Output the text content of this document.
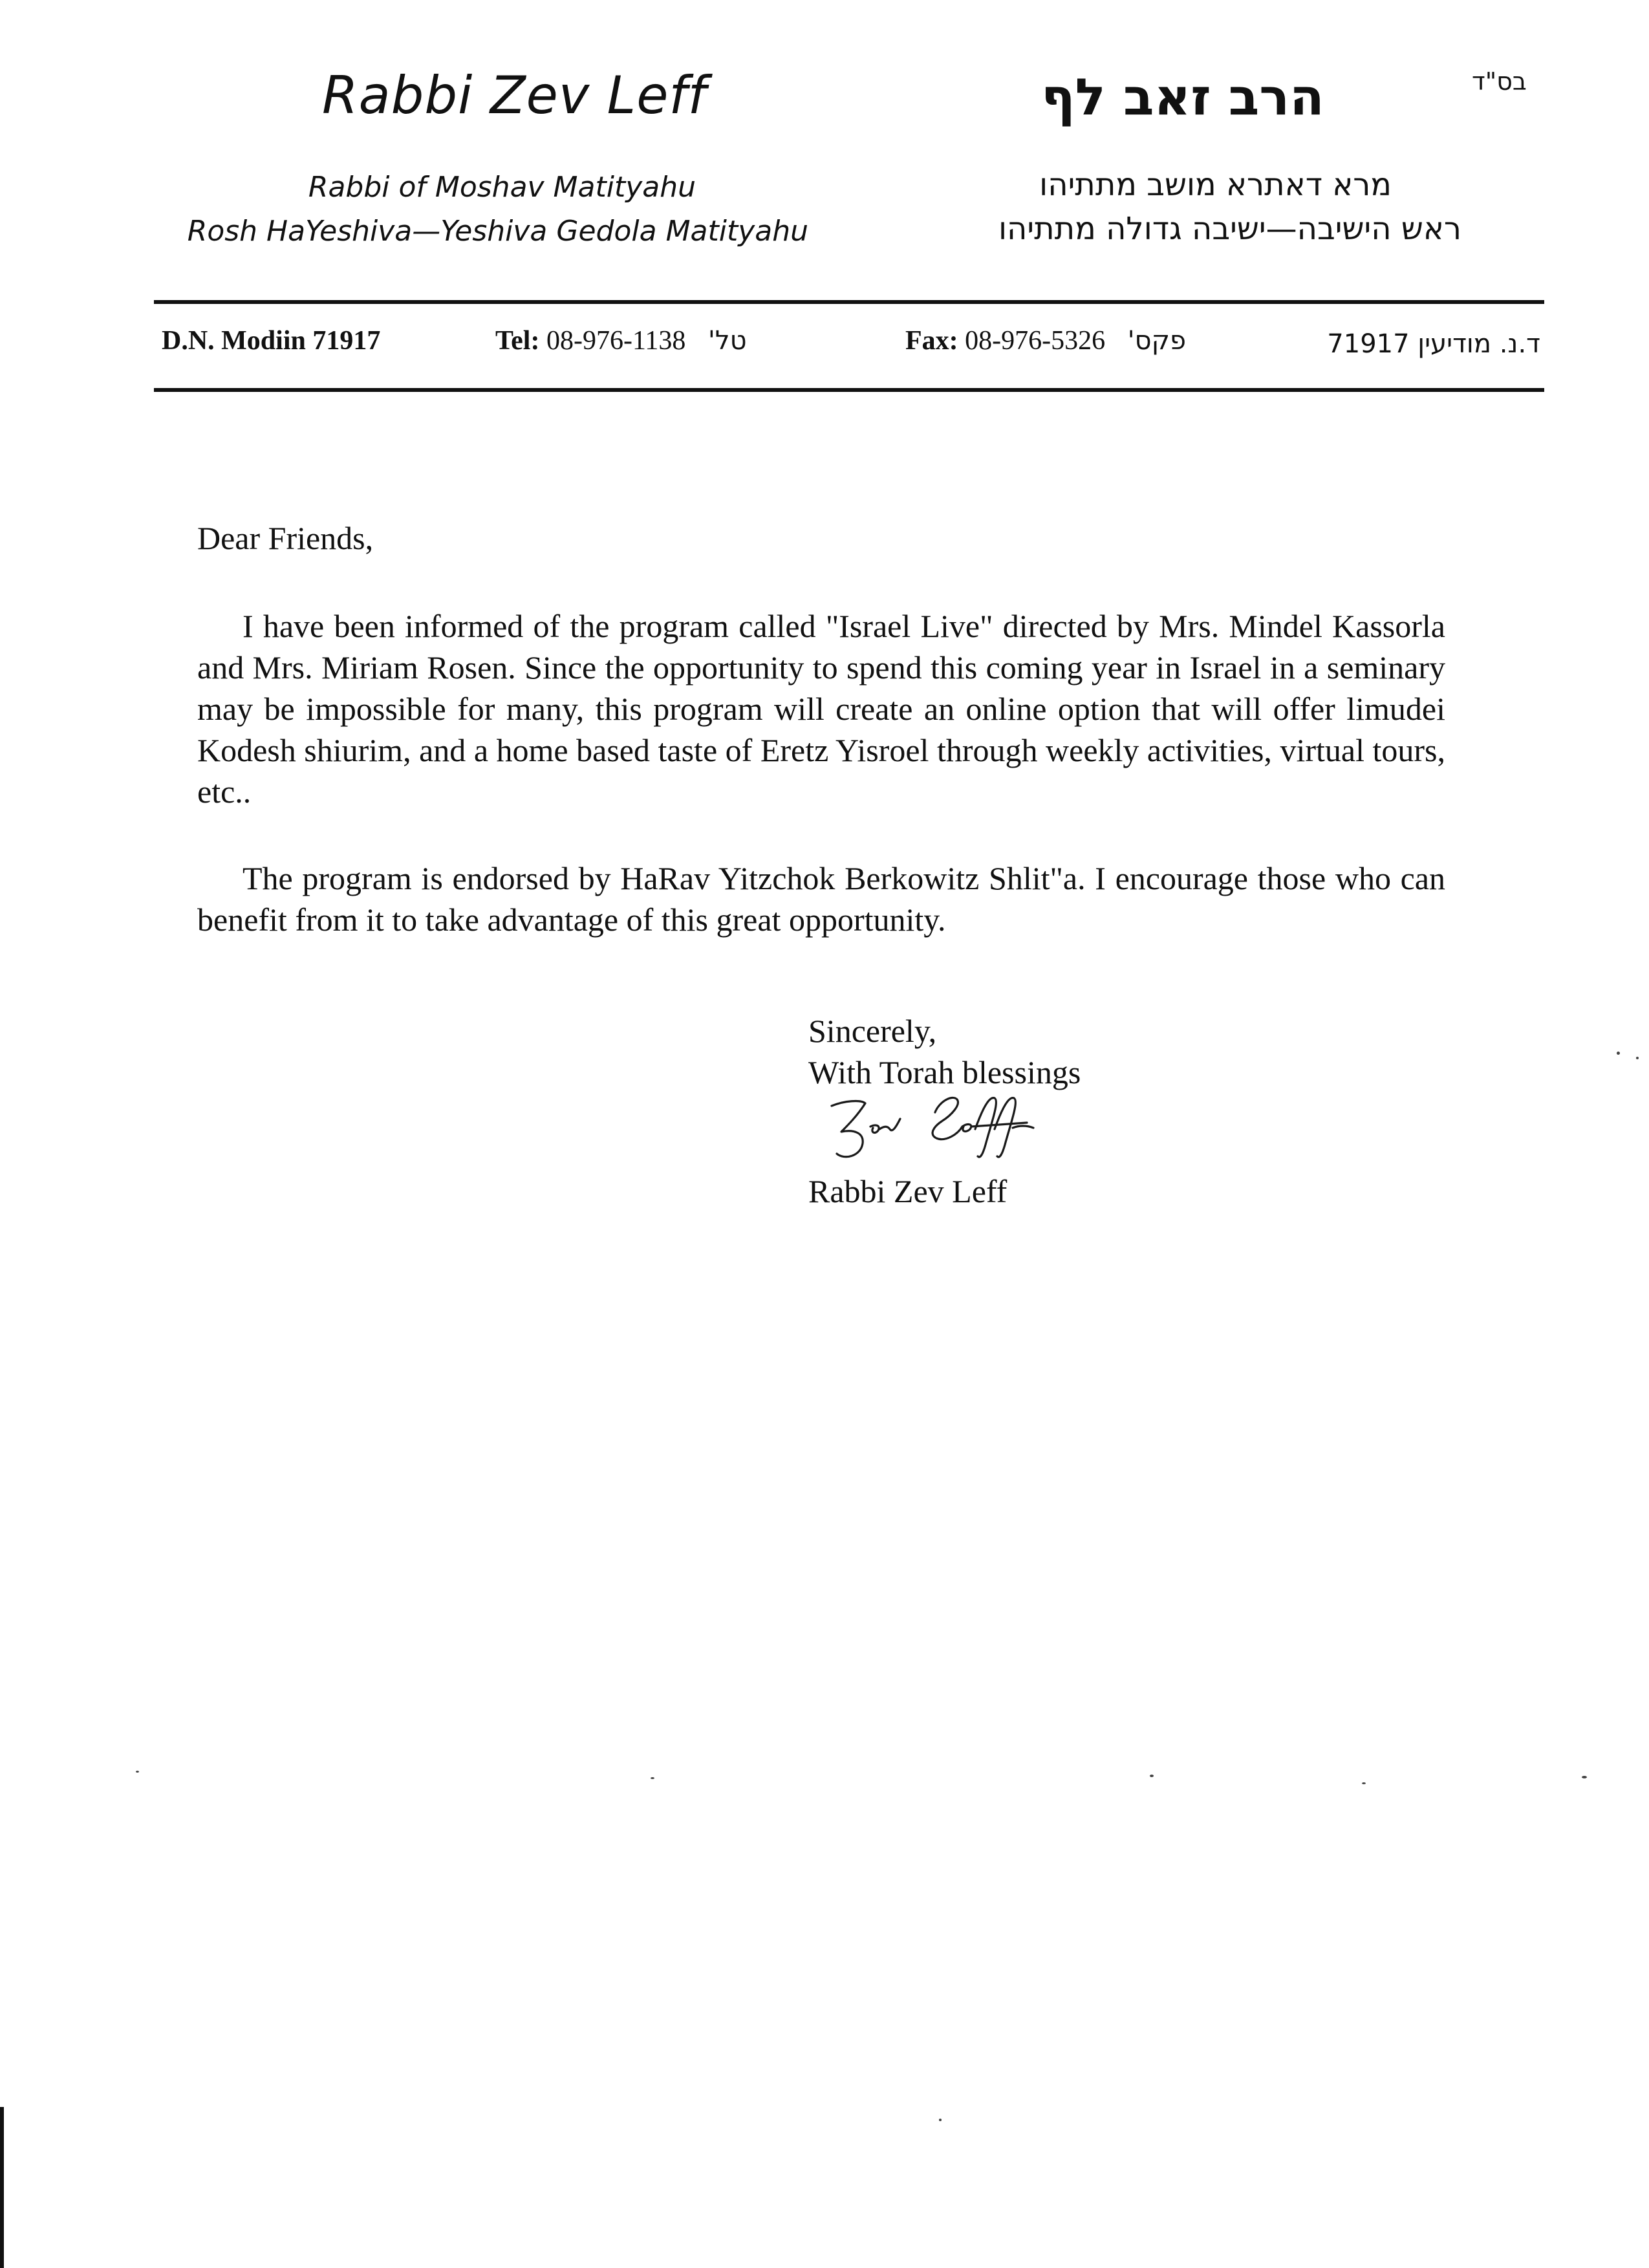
Rabbi Zev Leff	הרב זאב לף	בס"ד
Rabbi of Moshav Matityahu
Rosh HaYeshiva—Yeshiva Gedola Matityahu
מרא דאתרא מושב מתתיהו
ראש הישיבה—ישיבה גדולה מתתיהו
D.N. Modiin 71917	Tel: 08-976-1138 טל'	Fax: 08-976-5326 פקס'	ד.נ. מודיעין 71917

Dear Friends,

I have been informed of the program called "Israel Live" directed by Mrs. Mindel Kassorla and Mrs. Miriam Rosen. Since the opportunity to spend this coming year in Israel in a seminary may be impossible for many, this program will create an online option that will offer limudei Kodesh shiurim, and a home based taste of Eretz Yisroel through weekly activities, virtual tours, etc..

The program is endorsed by HaRav Yitzchok Berkowitz Shlit"a. I encourage those who can benefit from it to take advantage of this great opportunity.

Sincerely,
With Torah blessings
Rabbi Zev Leff
